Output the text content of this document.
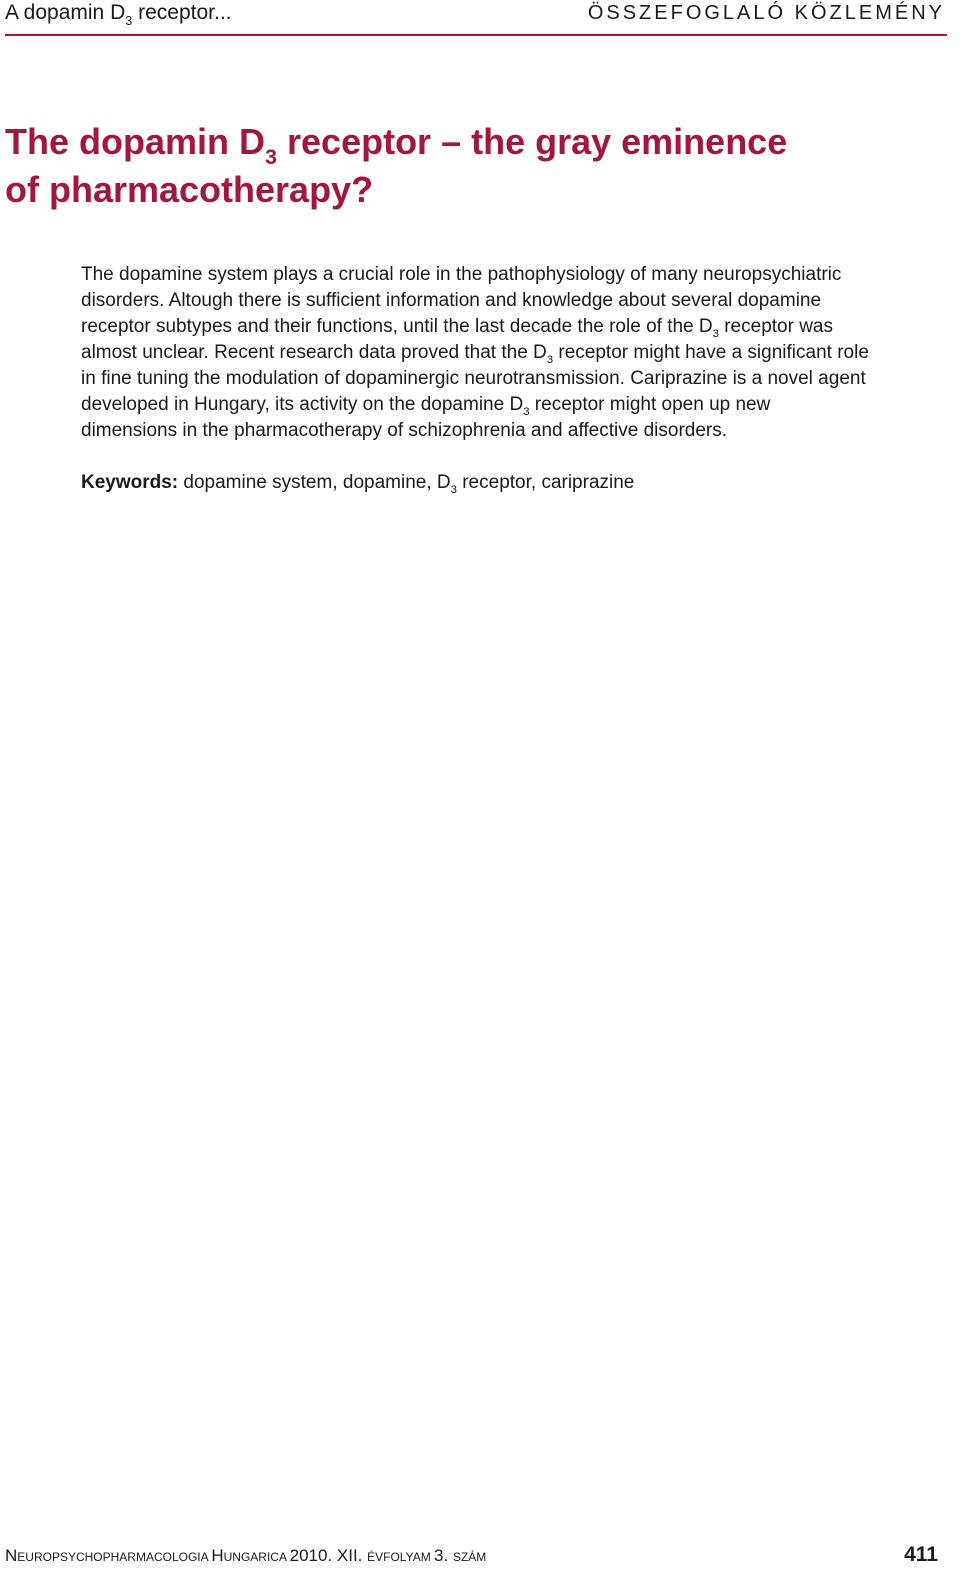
A dopamin $D_3$ receptor...	ÖSSZEFOGLALÓ KÖZLEMÉNY
The dopamin $D_3$ receptor – the gray eminence
of pharmacotherapy?

The dopamine system plays a crucial role in the pathophysiology of many neuropsychiatric disorders. Altough there is sufficient information and knowledge about several dopamine receptor subtypes and their functions, until the last decade the role of the $D_3$ receptor was almost unclear. Recent research data proved that the $D_3$ receptor might have a significant role in fine tuning the modulation of dopaminergic neurotransmission. Cariprazine is a novel agent developed in Hungary, its activity on the dopamine $D_3$ receptor might open up new dimensions in the pharmacotherapy of schizophrenia and affective disorders.

Keywords: dopamine system, dopamine, $D_3$ receptor, cariprazine

NEUROPSYCHOPHARMACOLOGIA HUNGARICA 2010. XII. ÉVFOLYAM 3. SZÁM	411
